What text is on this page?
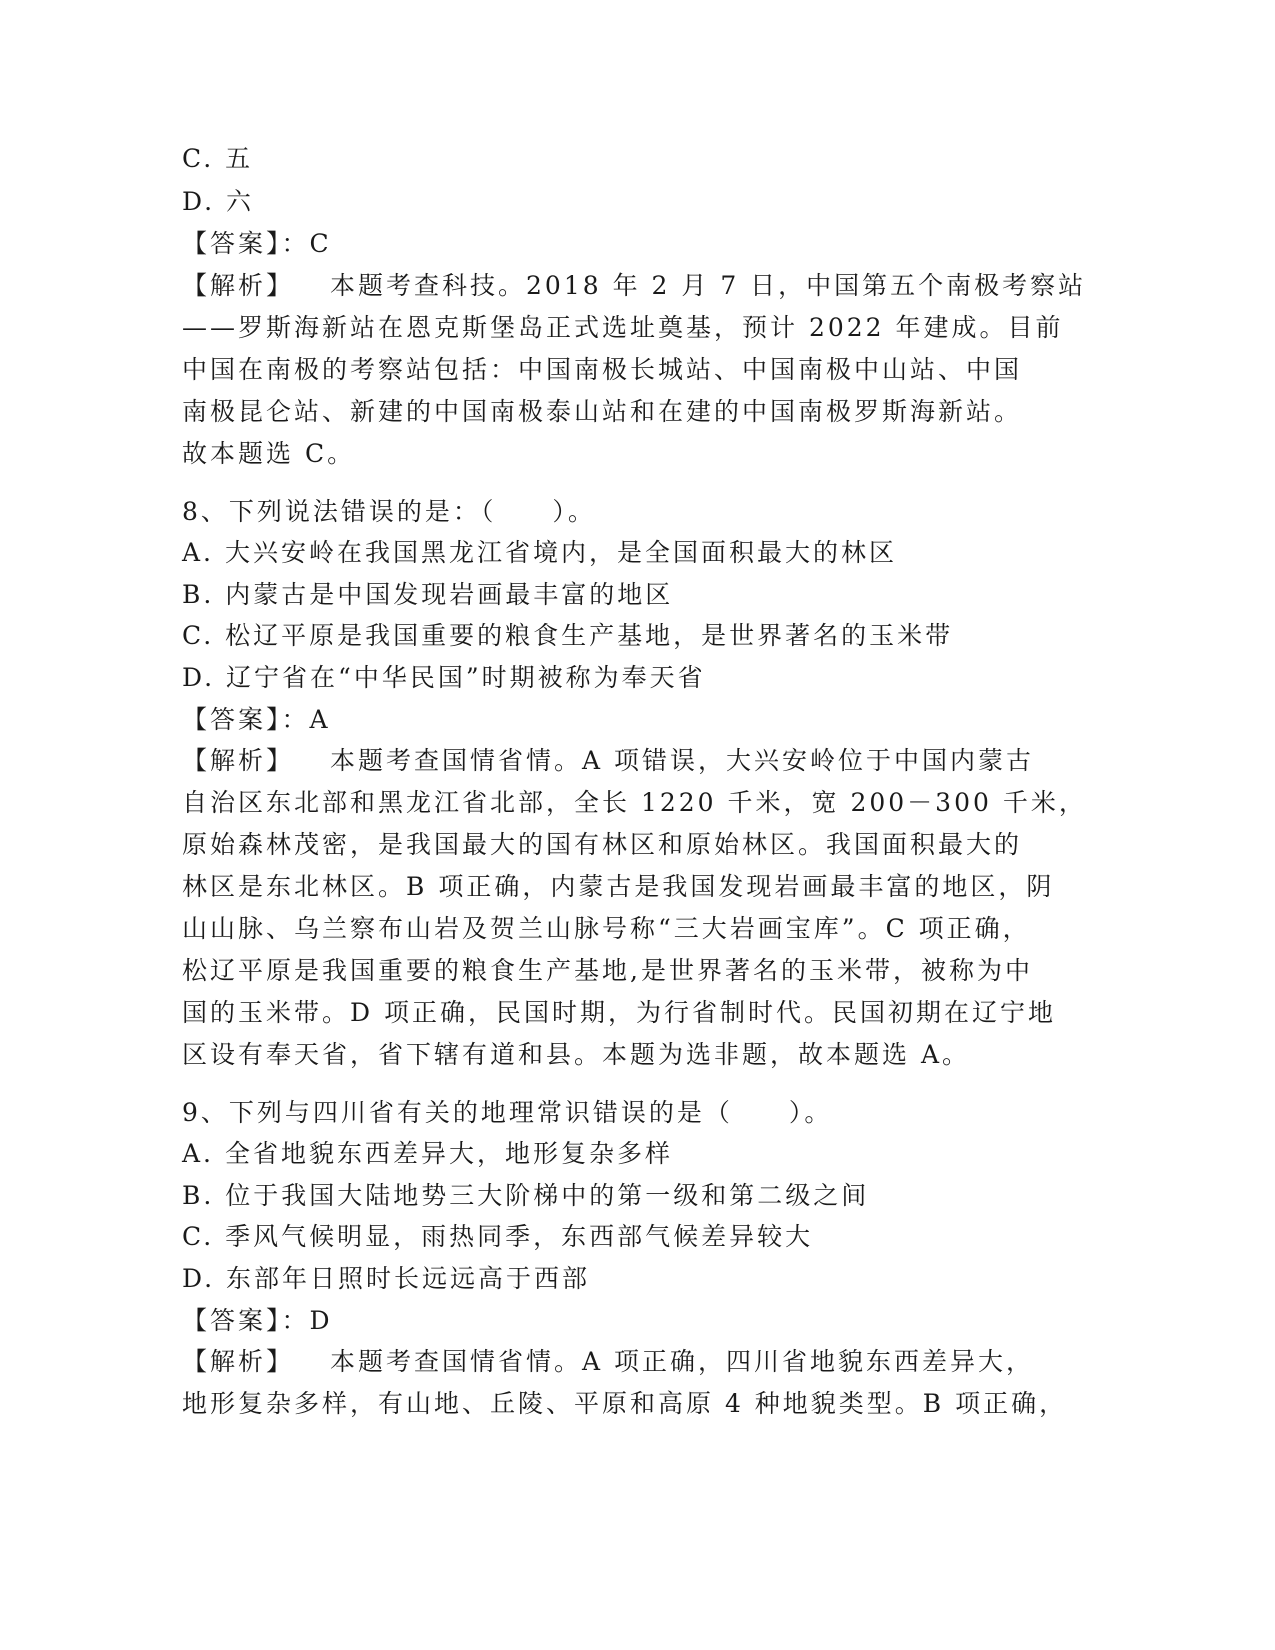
C. 五
D. 六
【答案】：C
【解析】 本题考查科技。2018 年 2 月 7 日，中国第五个南极考察站
——罗斯海新站在恩克斯堡岛正式选址奠基，预计 2022 年建成。目前
中国在南极的考察站包括：中国南极长城站、中国南极中山站、中国
南极昆仑站、新建的中国南极泰山站和在建的中国南极罗斯海新站。
故本题选 C。
8、下列说法错误的是：（　　）。
A. 大兴安岭在我国黑龙江省境内，是全国面积最大的林区
B. 内蒙古是中国发现岩画最丰富的地区
C. 松辽平原是我国重要的粮食生产基地，是世界著名的玉米带
D. 辽宁省在“中华民国”时期被称为奉天省
【答案】：A
【解析】 本题考查国情省情。A 项错误，大兴安岭位于中国内蒙古
自治区东北部和黑龙江省北部，全长 1220 千米，宽 200－300 千米，
原始森林茂密，是我国最大的国有林区和原始林区。我国面积最大的
林区是东北林区。B 项正确，内蒙古是我国发现岩画最丰富的地区，阴
山山脉、乌兰察布山岩及贺兰山脉号称“三大岩画宝库”。C 项正确，
松辽平原是我国重要的粮食生产基地,是世界著名的玉米带，被称为中
国的玉米带。D 项正确，民国时期，为行省制时代。民国初期在辽宁地
区设有奉天省，省下辖有道和县。本题为选非题，故本题选 A。
9、下列与四川省有关的地理常识错误的是（　　）。
A. 全省地貌东西差异大，地形复杂多样
B. 位于我国大陆地势三大阶梯中的第一级和第二级之间
C. 季风气候明显，雨热同季，东西部气候差异较大
D. 东部年日照时长远远高于西部
【答案】：D
【解析】 本题考查国情省情。A 项正确，四川省地貌东西差异大，
地形复杂多样，有山地、丘陵、平原和高原 4 种地貌类型。B 项正确，
